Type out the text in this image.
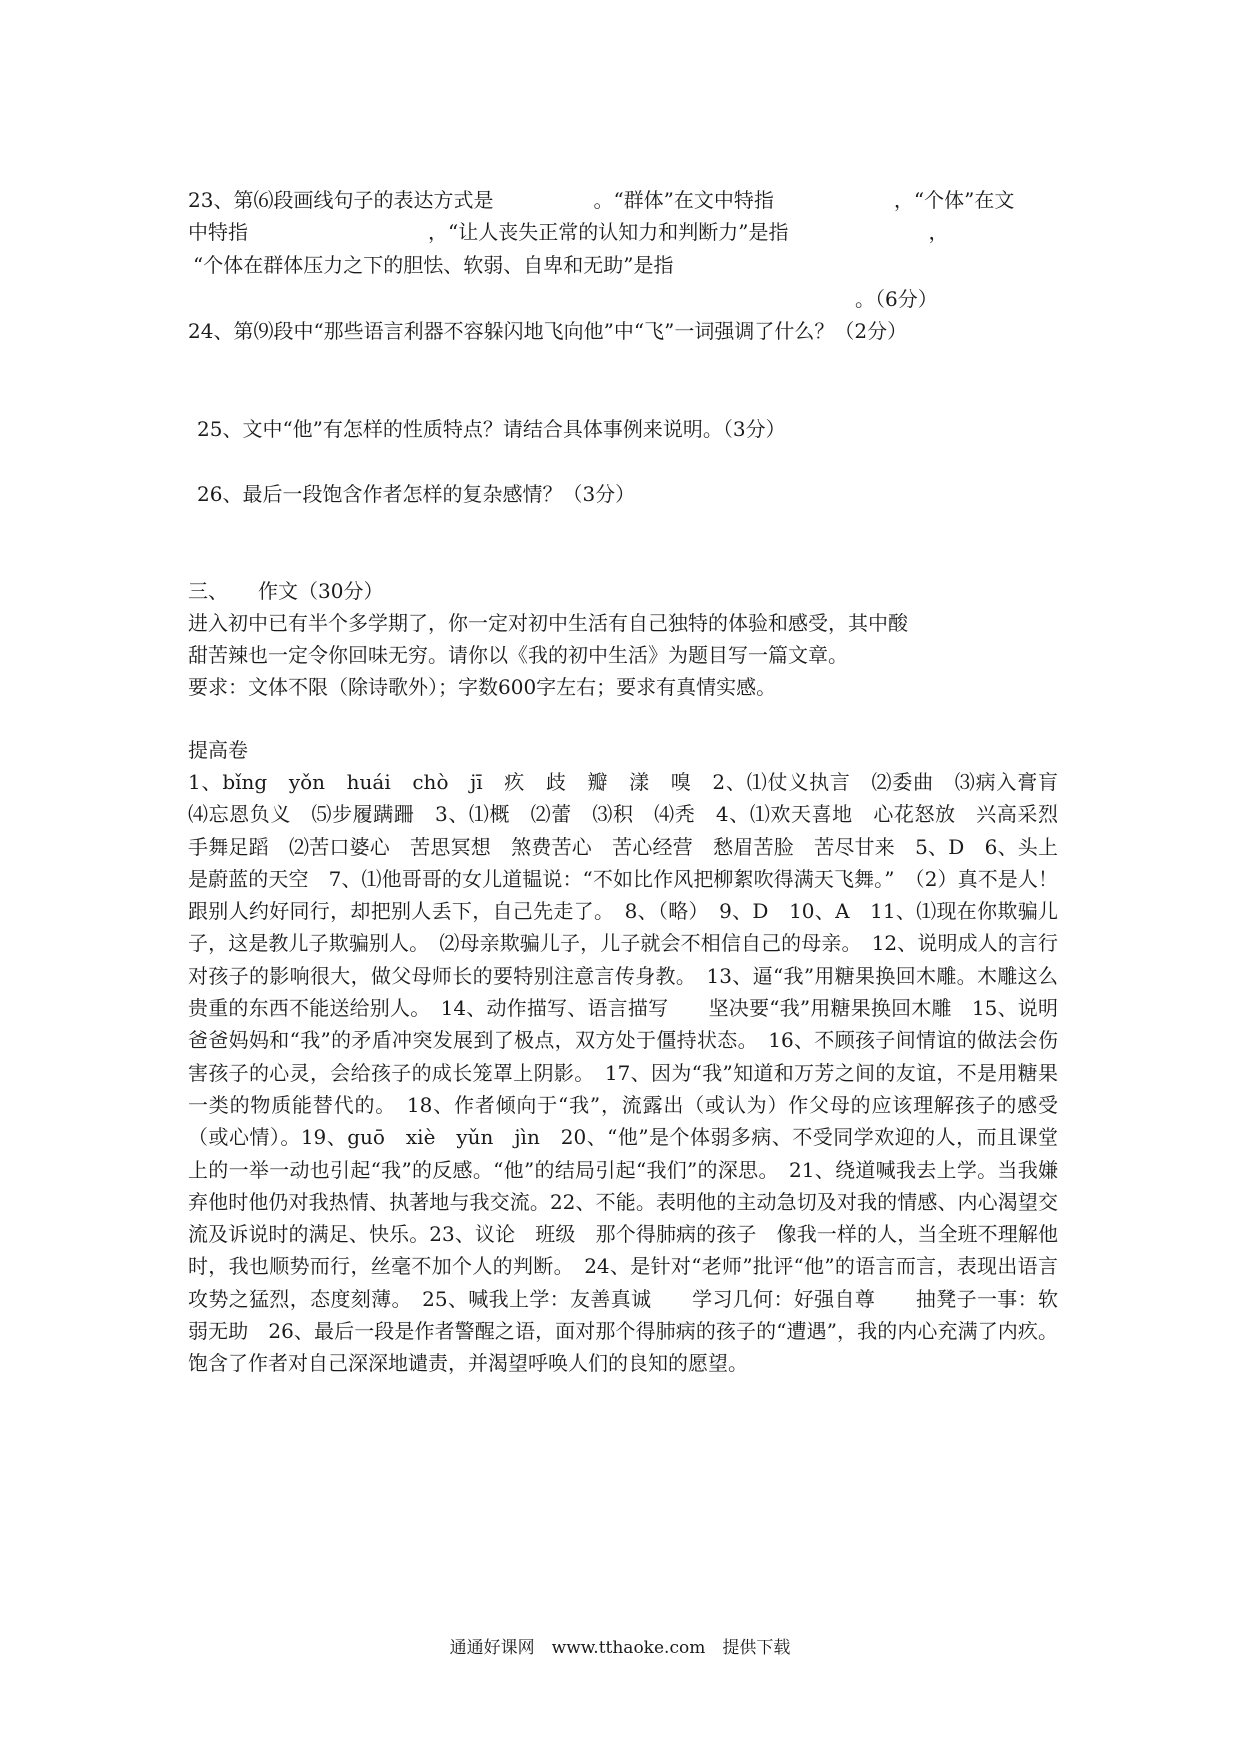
23、第⑹段画线句子的表达方式是　　　　　。“群体”在文中特指　　　　　　，“个体”在文
中特指　　　　　　　　　，“让人丧失正常的认知力和判断力”是指　　　　　　　，
“个体在群体压力之下的胆怯、软弱、自卑和无助”是指
。（6分）
24、第⑼段中“那些语言利器不容躲闪地飞向他”中“飞”一词强调了什么？（2分）
25、文中“他”有怎样的性质特点？请结合具体事例来说明。（3分）
26、最后一段饱含作者怎样的复杂感情？（3分）
三、　　作文（30分）
进入初中已有半个多学期了，你一定对初中生活有自己独特的体验和感受，其中酸
甜苦辣也一定令你回味无穷。请你以《我的初中生活》为题目写一篇文章。
要求：文体不限（除诗歌外）；字数600字左右；要求有真情实感。
提高卷
1、bǐng　yǒn　huái　chò　jī　疚　歧　瓣　漾　嗅　2、⑴仗义执言　⑵委曲　⑶病入膏肓　⑷忘恩负义　⑸步履蹒跚　3、⑴概　⑵蕾　⑶积　⑷秃　4、⑴欢天喜地　心花怒放　兴高采烈　手舞足蹈　⑵苦口婆心　苦思冥想　煞费苦心　苦心经营　愁眉苦脸　苦尽甘来　5、D　6、头上是蔚蓝的天空　7、⑴他哥哥的女儿道韫说：“不如比作风把柳絮吹得满天飞舞。”　（2）真不是人！跟别人约好同行，却把别人丢下，自己先走了。　8、（略）　9、D　10、A　11、⑴现在你欺骗儿子，这是教儿子欺骗别人。　⑵母亲欺骗儿子，儿子就会不相信自己的母亲。　12、说明成人的言行对孩子的影响很大，做父母师长的要特别注意言传身教。　13、逼“我”用糖果换回木雕。木雕这么贵重的东西不能送给别人。　14、动作描写、语言描写　　坚决要“我”用糖果换回木雕　15、说明爸爸妈妈和“我”的矛盾冲突发展到了极点，双方处于僵持状态。　16、不顾孩子间情谊的做法会伤害孩子的心灵，会给孩子的成长笼罩上阴影。　17、因为“我”知道和万芳之间的友谊，不是用糖果一类的物质能替代的。　18、作者倾向于“我”，流露出（或认为）作父母的应该理解孩子的感受（或心情）。19、guō　xiè　yǔn　jìn　20、“他”是个体弱多病、不受同学欢迎的人，而且课堂上的一举一动也引起“我”的反感。“他”的结局引起“我们”的深思。　21、绕道喊我去上学。当我嫌弃他时他仍对我热情、执著地与我交流。22、不能。表明他的主动急切及对我的情感、内心渴望交流及诉说时的满足、快乐。23、议论　班级　那个得肺病的孩子　像我一样的人，当全班不理解他时，我也顺势而行，丝毫不加个人的判断。　24、是针对“老师”批评“他”的语言而言，表现出语言攻势之猛烈，态度刻薄。　25、喊我上学：友善真诚　　学习几何：好强自尊　　抽凳子一事：软弱无助　26、最后一段是作者警醒之语，面对那个得肺病的孩子的“遭遇”，我的内心充满了内疚。饱含了作者对自己深深地谴责，并渴望呼唤人们的良知的愿望。
通通好课网　www.tthaoke.com　提供下载
